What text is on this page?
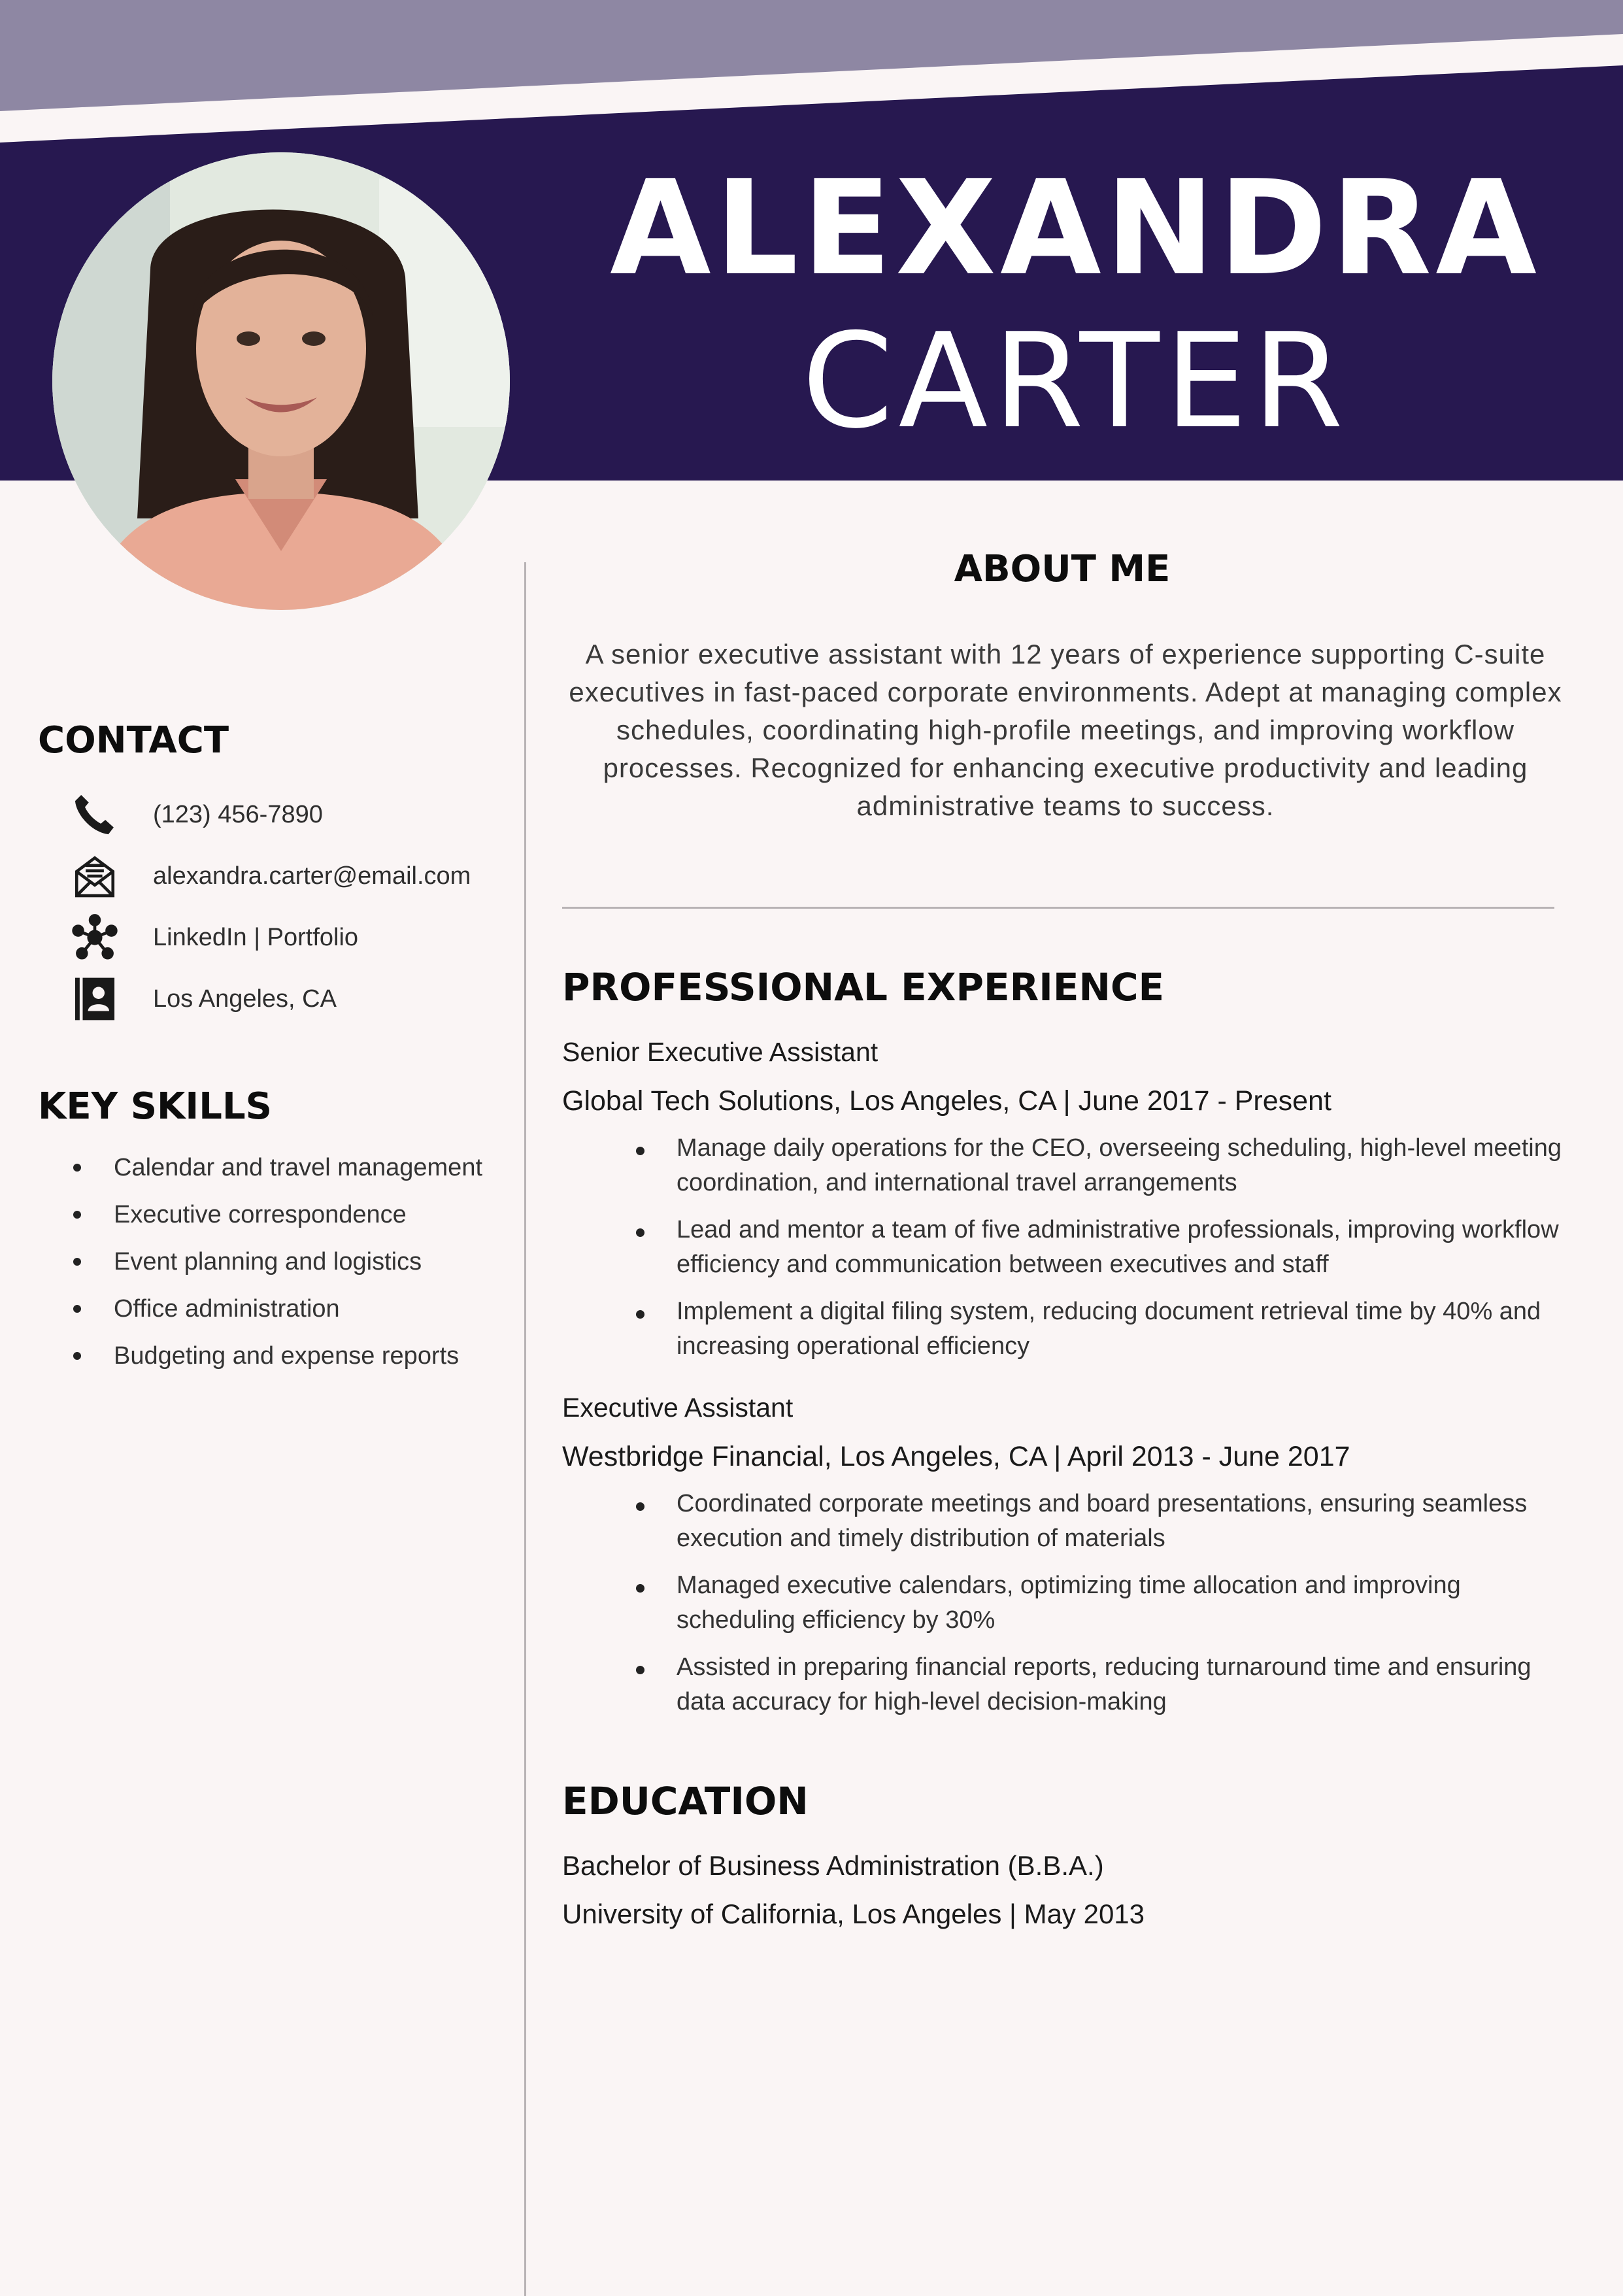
ALEXANDRA
CARTER
CONTACT
(123) 456-7890
alexandra.carter@email.com
LinkedIn | Portfolio
Los Angeles, CA
KEY SKILLS
Calendar and travel management
Executive correspondence
Event planning and logistics
Office administration
Budgeting and expense reports
ABOUT ME

A senior executive assistant with 12 years of experience supporting C-suite executives in fast-paced corporate environments. Adept at managing complex schedules, coordinating high-profile meetings, and improving workflow processes. Recognized for enhancing executive productivity and leading administrative teams to success.

PROFESSIONAL EXPERIENCE
Senior Executive Assistant
Global Tech Solutions, Los Angeles, CA | June 2017 - Present
Manage daily operations for the CEO, overseeing scheduling, high-level meeting coordination, and international travel arrangements
Lead and mentor a team of five administrative professionals, improving workflow efficiency and communication between executives and staff
Implement a digital filing system, reducing document retrieval time by 40% and increasing operational efficiency
Executive Assistant
Westbridge Financial, Los Angeles, CA | April 2013 - June 2017
Coordinated corporate meetings and board presentations, ensuring seamless execution and timely distribution of materials
Managed executive calendars, optimizing time allocation and improving scheduling efficiency by 30%
Assisted in preparing financial reports, reducing turnaround time and ensuring data accuracy for high-level decision-making
EDUCATION
Bachelor of Business Administration (B.B.A.)
University of California, Los Angeles | May 2013
